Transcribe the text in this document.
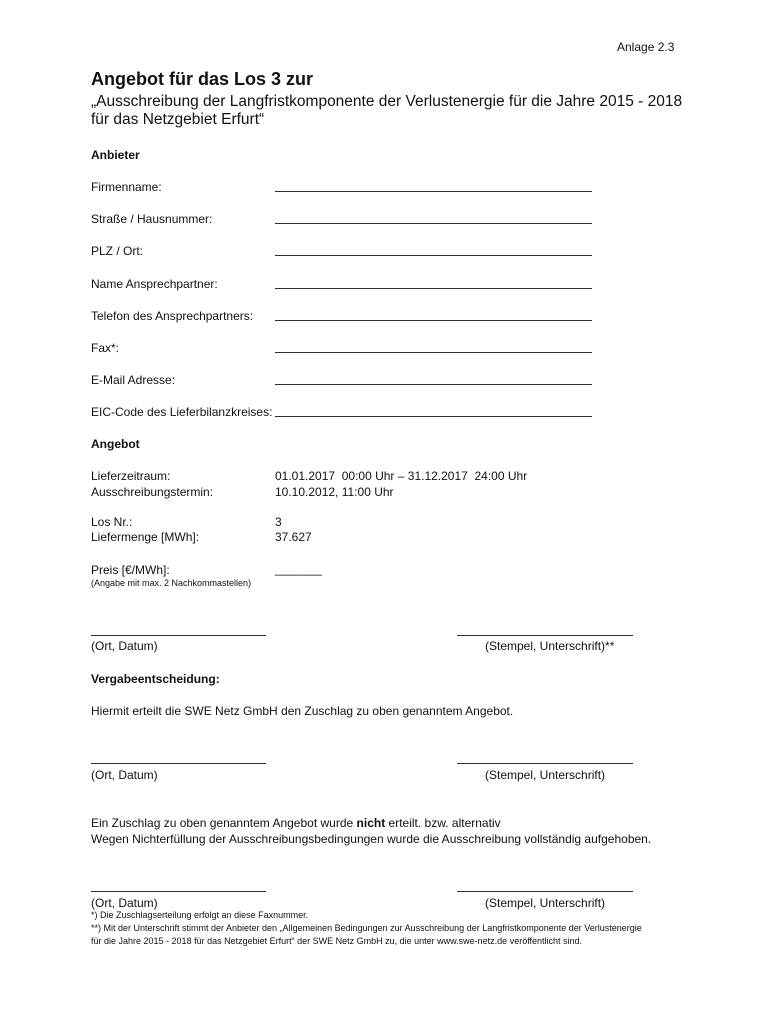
Anlage 2.3
Angebot für das Los 3 zur
„Ausschreibung der Langfristkomponente der Verlustenergie für die Jahre 2015 - 2018
für das Netzgebiet Erfurt“
Anbieter
Firmenname:
Straße / Hausnummer:
PLZ / Ort:
Name Ansprechpartner:
Telefon des Ansprechpartners:
Fax*:
E-Mail Adresse:
EIC-Code des Lieferbilanzkreises:
Angebot
Lieferzeitraum:	01.01.2017  00:00 Uhr – 31.12.2017  24:00 Uhr
Ausschreibungstermin:	10.10.2012, 11:00 Uhr
Los Nr.:	3
Liefermenge [MWh]:	37.627
Preis [€/MWh]:	_______
(Angabe mit max. 2 Nachkommastellen)
(Ort, Datum)	(Stempel, Unterschrift)**
Vergabeentscheidung:
Hiermit erteilt die SWE Netz GmbH den Zuschlag zu oben genanntem Angebot.
(Ort, Datum)	(Stempel, Unterschrift)
Ein Zuschlag zu oben genanntem Angebot wurde nicht erteilt. bzw. alternativ
Wegen Nichterfüllung der Ausschreibungsbedingungen wurde die Ausschreibung vollständig aufgehoben.
(Ort, Datum)	(Stempel, Unterschrift)
*) Die Zuschlagserteilung erfolgt an diese Faxnummer.
**) Mit der Unterschrift stimmt der Anbieter den „Allgemeinen Bedingungen zur Ausschreibung der Langfristkomponente der Verlustenergie
für die Jahre 2015 - 2018 für das Netzgebiet Erfurt“ der SWE Netz GmbH zu, die unter www.swe-netz.de veröffentlicht sind.
